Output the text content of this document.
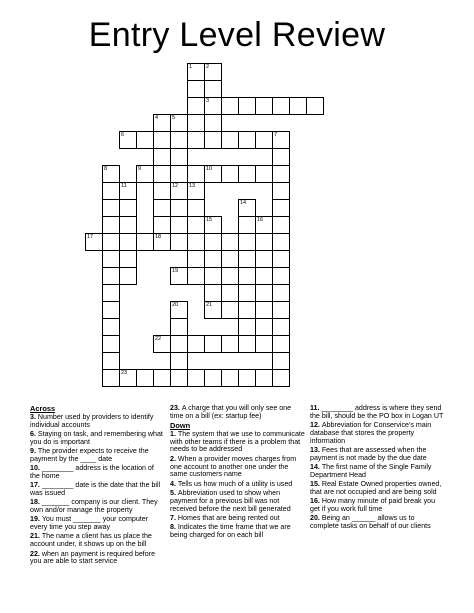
Entry Level Review
1	2
3
4	5
12
6	7
8	9	10
11	13
14
15
21
16
17	18
19
20
22
23
Across
3. Number used by providers to identify individual accounts
6. Staying on task, and remembering what you do is important
9. The provider expects to receive the payment by the ____ date
10. ________ address is the location of the home
17. ________ date is the date that the bill was issued
18. _______ company is our client. They own and/or manage the property
19. You must _______ your computer every time you step away
21. The name a client has us place the account under, it shows up on the bill
22. when an payment is required before you are able to start service
23. A charge that you will only see one time on a bill (ex: startup fee)
Down
1. The system that we use to communicate with other teams if there is a problem that needs to be addressed
2. When a provider moves charges from one account to another one under the same customers name
4. Tells us how much of a utility is used
5. Abbreviation used to show when payment for a previous bill was not received before the next bill generated
7. Homes that are being rented out
8. Indicates the time frame that we are being charged for on each bill
11. ________ address is where they send the bill, should be the PO box in Logan UT
12. Abbreviation for Conservice's main database that stores the property information
13. Fees that are assessed when the payment is not made by the due date
14. The first name of the Single Family Department Head
15. Real Estate Owned properties owned, that are not occupied and are being sold
16. How many minute of paid break you get if you work full time
20. Being an ______ allows us to complete tasks on behalf of our clients
